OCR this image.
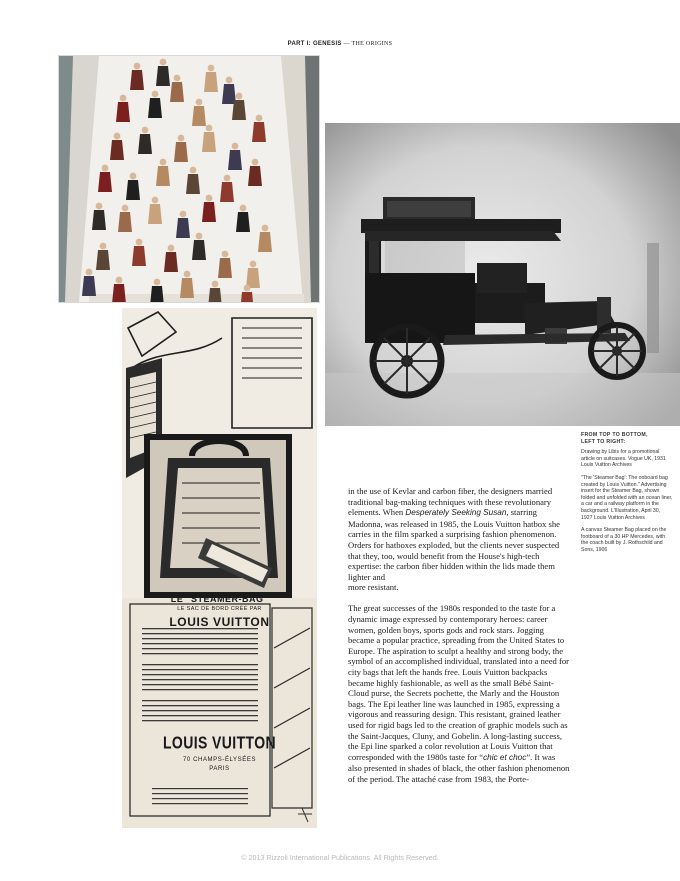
PART I: GENESIS — THE ORIGINS
LE "STEAMER-BAG"
LE SAC DE BORD CRÉÉ PAR
LOUIS VUITTON
LOUIS VUITTON
70 CHAMPS-ÉLYSÉES
PARIS

in the use of Kevlar and carbon fiber, the designers married traditional bag-making techniques with these revolutionary elements. When Desperately Seeking Susan, starring Madonna, was released in 1985, the Louis Vuitton hatbox she carries in the film sparked a surprising fashion phenomenon. Orders for hatboxes exploded, but the clients never suspected that they, too, would benefit from the House's high-tech expertise: the carbon fiber hidden within the lids made them lighter and
more resistant.

The great successes of the 1980s responded to the taste for a dynamic image expressed by contemporary heroes: career women, golden boys, sports gods and rock stars. Jogging became a popular practice, spreading from the United States to Europe. The aspiration to sculpt a healthy and strong body, the symbol of an accomplished individual, translated into a need for city bags that left the hands free. Louis Vuitton backpacks became highly fashionable, as well as the small Bébé Saint-Cloud purse, the Secrets pochette, the Marly and the Houston bags. The Epi leather line was launched in 1985, expressing a vigorous and reassuring design. This resistant, grained leather used for rigid bags led to the creation of graphic models such as the Saint-Jacques, Cluny, and Gobelin. A long-lasting success, the Epi line sparked a color revolution at Louis Vuitton that corresponded with the 1980s taste for “chic et choc”. It was also presented in shades of black, the other fashion phenomenon of the period. The attaché case from 1983, the Porte-

FROM TOP TO BOTTOM,
LEFT TO RIGHT:

Drawing by Libis for a promotional article on suitcases. Vogue UK, 1931 Louis Vuitton Archives

"The 'Steamer Bag': The onboard bag created by Louis Vuitton." Advertising insert for the Steamer Bag, shown folded and unfolded with an ocean liner, a car and a railway platform in the background. L'Illustration, April 30, 1927 Louis Vuitton Archives

A canvas Steamer Bag placed on the footboard of a 30 HP Mercedes, with the coach built by J. Rothschild and Sons, 1906

© 2013 Rizzoli International Publications. All Rights Reserved.
